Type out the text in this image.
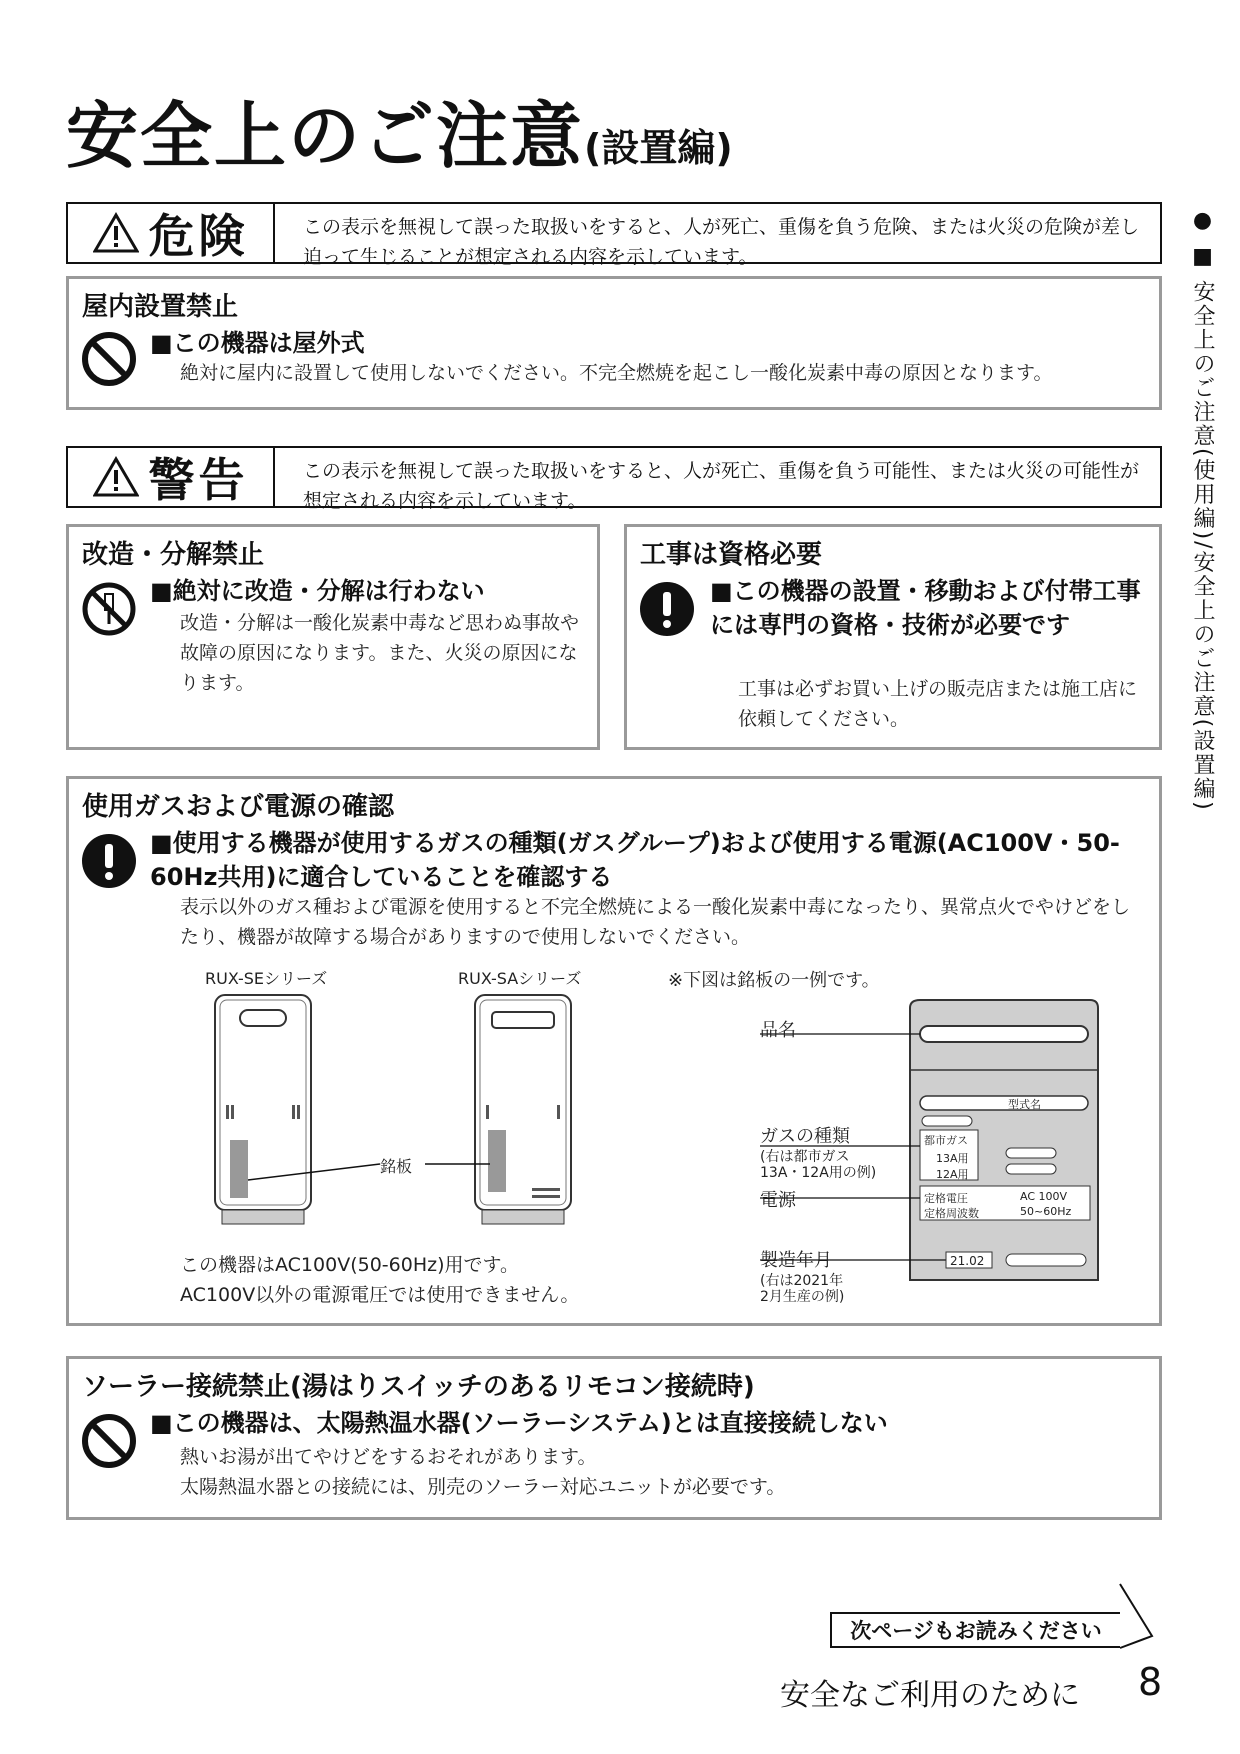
安全上のご注意(設置編)
危険	この表示を無視して誤った取扱いをすると、人が死亡、重傷を負う危険、または火災の危険が差し迫って生じることが想定される内容を示しています。
屋内設置禁止
■この機器は屋外式
絶対に屋内に設置して使用しないでください。不完全燃焼を起こし一酸化炭素中毒の原因となります。
警告	この表示を無視して誤った取扱いをすると、人が死亡、重傷を負う可能性、または火災の可能性が想定される内容を示しています。
改造・分解禁止
■絶対に改造・分解は行わない
改造・分解は一酸化炭素中毒など思わぬ事故や故障の原因になります。また、火災の原因になります。
工事は資格必要
■この機器の設置・移動および付帯工事には専門の資格・技術が必要です
工事は必ずお買い上げの販売店または施工店に依頼してください。
使用ガスおよび電源の確認
■使用する機器が使用するガスの種類(ガスグループ)および使用する電源(AC100V・50-60Hz共用)に適合していることを確認する
表示以外のガス種および電源を使用すると不完全燃焼による一酸化炭素中毒になったり、異常点火でやけどをしたり、機器が故障する場合がありますので使用しないでください。
RUX-SEシリーズ	RUX-SAシリーズ	※下図は銘板の一例です。
銘板
この機器はAC100V(50-60Hz)用です。
AC100V以外の電源電圧では使用できません。
型式名
都市ガス
13A用
12A用
定格電圧	AC 100V
定格周波数	50~60Hz
21.02
品名
ガスの種類
(右は都市ガス
13A・12A用の例)
電源
製造年月
(右は2021年
2月生産の例)
ソーラー接続禁止(湯はりスイッチのあるリモコン接続時)
■この機器は、太陽熱温水器(ソーラーシステム)とは直接接続しない
熱いお湯が出てやけどをするおそれがあります。
太陽熱温水器との接続には、別売のソーラー対応ユニットが必要です。
● ■ 安全上のご注意(使用編)/安全上のご注意(設置編)
次ページもお読みください
安全なご利用のために 8
